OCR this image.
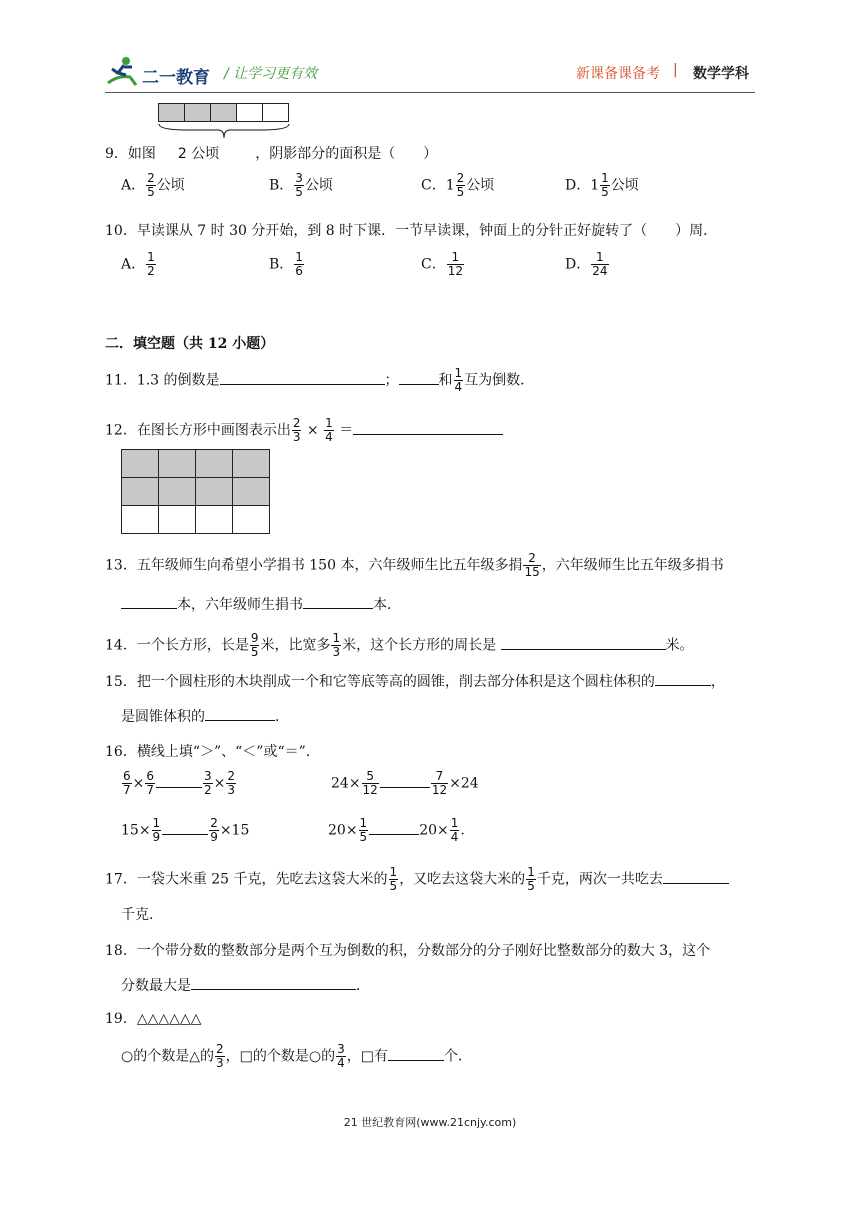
二一教育 / 让学习更有效	新课备课备考 | 数学学科

9．如图 2 公顷	，阴影部分的面积是（　　）
A． $\frac{2}{5}$ 公顷	B． $\frac{3}{5}$ 公顷	C．$1 \frac{2}{5}$ 公顷	D．$1 \frac{1}{5}$ 公顷
10．早读课从 7 时 30 分开始，到 8 时下课．一节早读课，钟面上的分针正好旋转了（　　）周．
A． $\frac{1}{2}$	B． $\frac{1}{6}$	C． $\frac{1}{12}$	D． $\frac{1}{24}$
二．填空题（共 12 小题）
11．1.3 的倒数是	；	和 $\frac{1}{4}$ 互为倒数．
12．在图长方形中画图表示出 $\frac{2}{3} \times \frac{1}{4}$ ＝

13．五年级师生向希望小学捐书 150 本，六年级师生比五年级多捐 $\frac{2}{15}$ ，六年级师生比五年级多捐书
本，六年级师生捐书	本．
14．一个长方形，长是 $\frac{9}{5}$ 米，比宽多 $\frac{1}{3}$ 米，这个长方形的周长是	米。
15．把一个圆柱形的木块削成一个和它等底等高的圆锥，削去部分体积是这个圆柱体积的	，
是圆锥体积的	．
16．横线上填“＞”、“＜”或“＝”．
$\frac{6}{7} \times \frac{6}{7}$	$\frac{3}{2} \times \frac{2}{3}$	$24\times \frac{5}{12}$	$\frac{7}{12} \times 24$
$15\times \frac{1}{9}$	$\frac{2}{9} \times 15$	$20\times \frac{1}{5}$	$20\times \frac{1}{4}$ .
17．一袋大米重 25 千克，先吃去这袋大米的 $\frac{1}{5}$ ，又吃去这袋大米的 $\frac{1}{5}$ 千克，两次一共吃去
千克．
18．一个带分数的整数部分是两个互为倒数的积，分数部分的分子刚好比整数部分的数大 3，这个
分数最大是	．
19．△△△△△△
○的个数是△的 $\frac{2}{3}$ ，□的个数是○的 $\frac{3}{4}$ ，□有	个．
21 世纪教育网(www.21cnjy.com)
